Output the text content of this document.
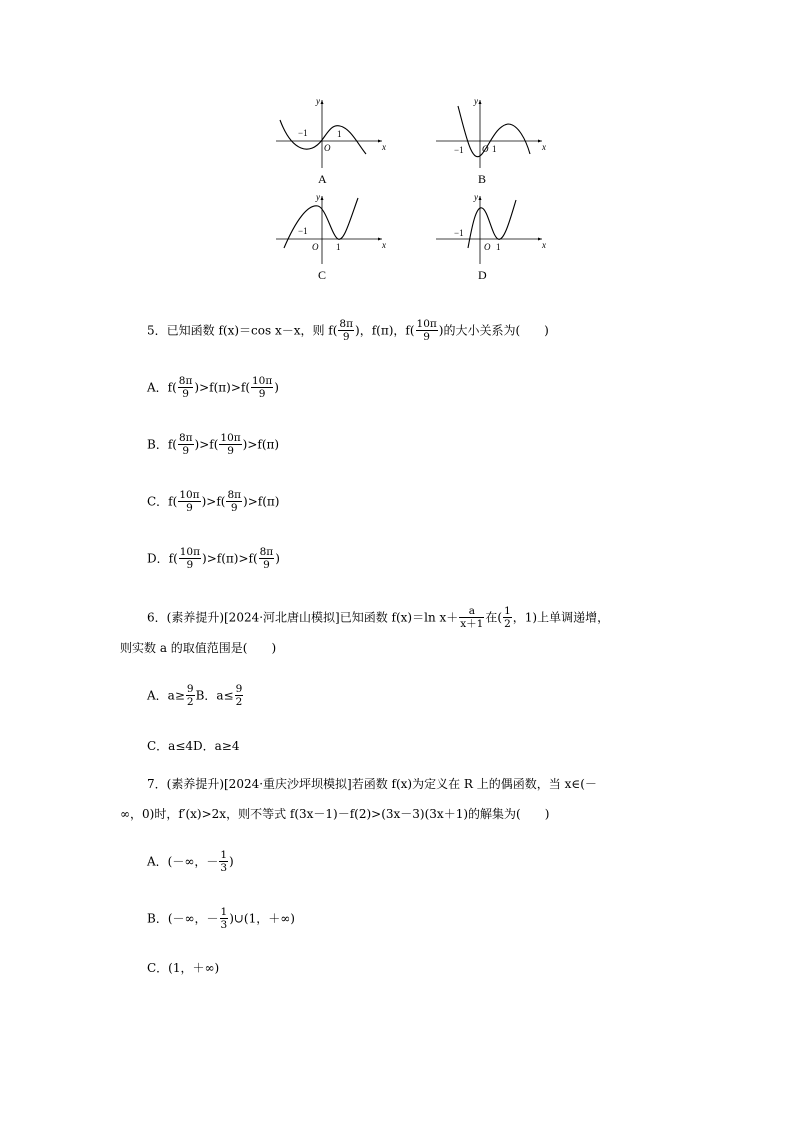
y
x
O
−1	1
A
y
x
O
−1	1
B
y
x
O
−1
1
C
y
x
O
−1
1
D
5．已知函数 f(x)＝cos x－x，则 $f( \frac{8\pi}{9}$ )，f(π)，$f( \frac{10\pi}{9}$ )的大小关系为(　　)
A．$f( \frac{8\pi}{9} )>f(\pi)>f( \frac{10\pi}{9}$ )
B．$f( \frac{8\pi}{9} )>f( \frac{10\pi}{9} )>f(\pi)$
C．$f( \frac{10\pi}{9} )>f( \frac{8\pi}{9} )>f(\pi)$
D．$f( \frac{10\pi}{9} )>f(\pi)>f( \frac{8\pi}{9}$ )
6．(素养提升)[2024·河北唐山模拟]已知函数 f(x)＝ln $x+ \frac{a}{x+1}$ 在( $\frac{1}{2}$ ，1)上单调递增，
则实数 a 的取值范围是(　　)
A．$a\ge \frac{9}{2}$ B．$a\le \frac{9}{2}$
C．a≤4D．a≥4
7．(素养提升)[2024·重庆沙坪坝模拟]若函数 f(x)为定义在 R 上的偶函数，当 x∈(－
∞，0)时，f′(x)>2x，则不等式 f(3x－1)－f(2)>(3x－3)(3x＋1)的解集为(　　)
A．(－∞，－ $\frac{1}{3}$ )
B．(－∞，－ $\frac{1}{3}$ )∪(1，＋∞)
C．(1，＋∞)
